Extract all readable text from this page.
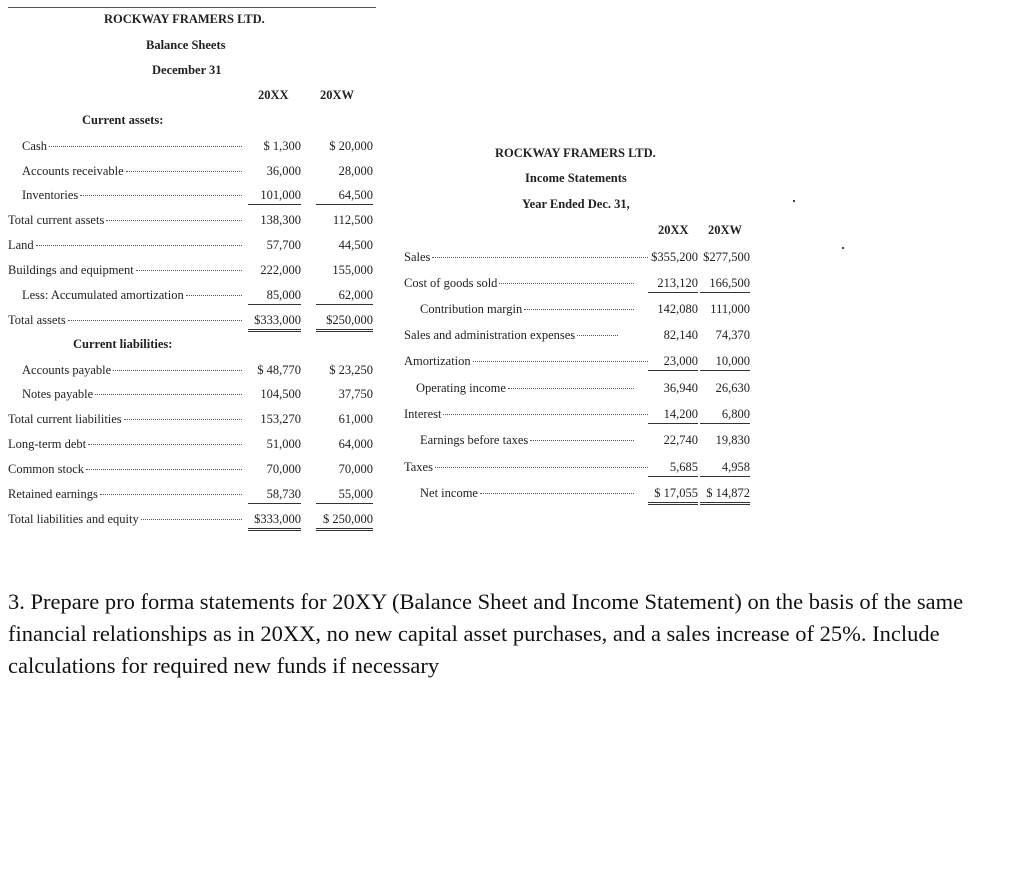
ROCKWAY FRAMERS LTD.
Balance Sheets
December 31
20XX	20XW
Current assets:
Current liabilities:
Cash	$ 1,300	$ 20,000
Accounts receivable	36,000	28,000
Inventories	101,000	64,500
Total current assets	138,300	112,500
Land	57,700	44,500
Buildings and equipment	222,000	155,000
Less: Accumulated amortization	85,000	62,000
Total assets	$333,000	$250,000
Accounts payable	$ 48,770	$ 23,250
Notes payable	104,500	37,750
Total current liabilities	153,270	61,000
Long-term debt	51,000	64,000
Common stock	70,000	70,000
Retained earnings	58,730	55,000
Total liabilities and equity	$333,000	$ 250,000
ROCKWAY FRAMERS LTD.
Income Statements
Year Ended Dec. 31,
20XX 20XW
Sales	$355,200 $277,500
Cost of goods sold	213,120 166,500
Contribution margin	142,080 111,000
Sales and administration expenses	82,140	74,370
Amortization	23,000	10,000
Operating income	36,940	26,630
Interest	14,200	6,800
Earnings before taxes	22,740	19,830
Taxes	5,685	4,958
Net income	$ 17,055 $ 14,872
3. Prepare pro forma statements for 20XY (Balance Sheet and Income Statement) on the basis of the same financial relationships as in 20XX, no new capital asset purchases, and a sales increase of 25%. Include calculations for required new funds if necessary
